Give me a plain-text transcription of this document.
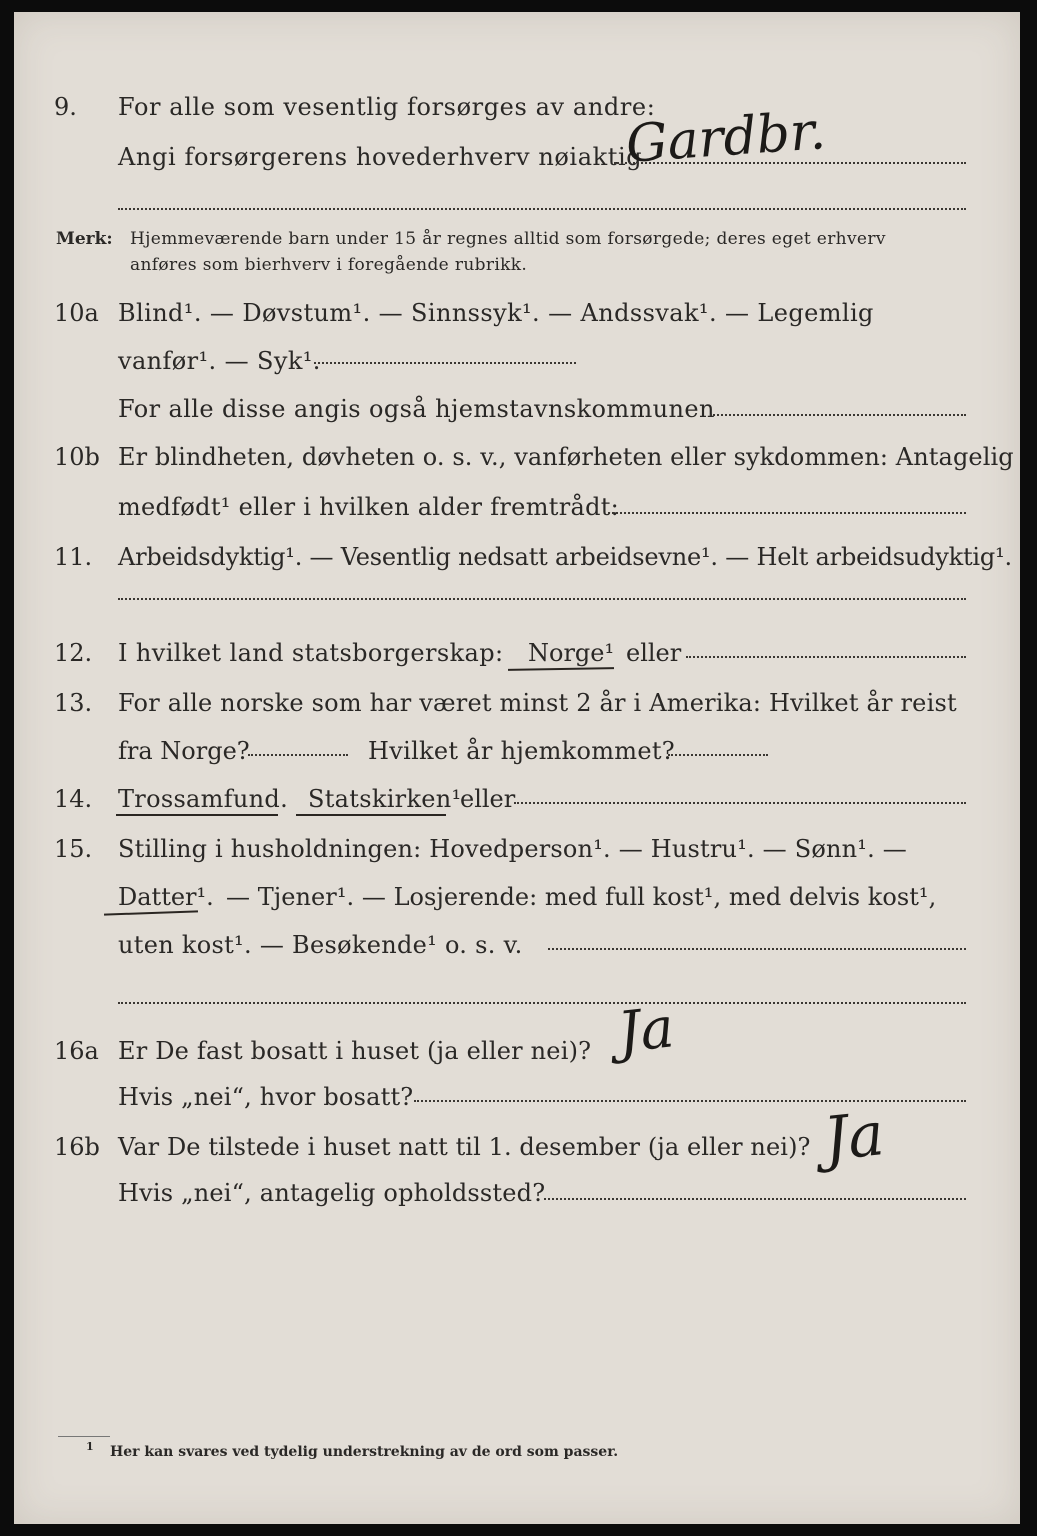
9. For alle som vesentlig forsørges av andre:
Angi forsørgerens hovederhverv nøiaktig
Gardbr.
Merk: Hjemmeværende barn under 15 år regnes alltid som forsørgede; deres eget erhverv
anføres som bierhverv i foregående rubrikk.
10a Blind¹. — Døvstum¹. — Sinnssyk¹. — Andssvak¹. — Legemlig
vanfør¹. — Syk¹.
For alle disse angis også hjemstavnskommunen
10b Er blindheten, døvheten o. s. v., vanførheten eller sykdommen: Antagelig
medfødt¹ eller i hvilken alder fremtrådt:
11. Arbeidsdyktig¹. — Vesentlig nedsatt arbeidsevne¹. — Helt arbeidsudyktig¹.
12. I hvilket land statsborgerskap: Norge¹ eller
13. For alle norske som har været minst 2 år i Amerika: Hvilket år reist
fra Norge?	Hvilket år hjemkommet?
14. Trossamfund. Statskirken¹
eller
15. Stilling i husholdningen: Hovedperson¹. — Hustru¹. — Sønn¹. —
Datter¹. — Tjener¹. — Losjerende: med full kost¹, med delvis kost¹,
uten kost¹. — Besøkende¹ o. s. v.
16a Er De fast bosatt i huset (ja eller nei)? Ja
Hvis „nei“, hvor bosatt?
16b Var De tilstede i huset natt til 1. desember (ja eller nei)? Ja
Hvis „nei“, antagelig opholdssted?
1 Her kan svares ved tydelig understrekning av de ord som passer.
